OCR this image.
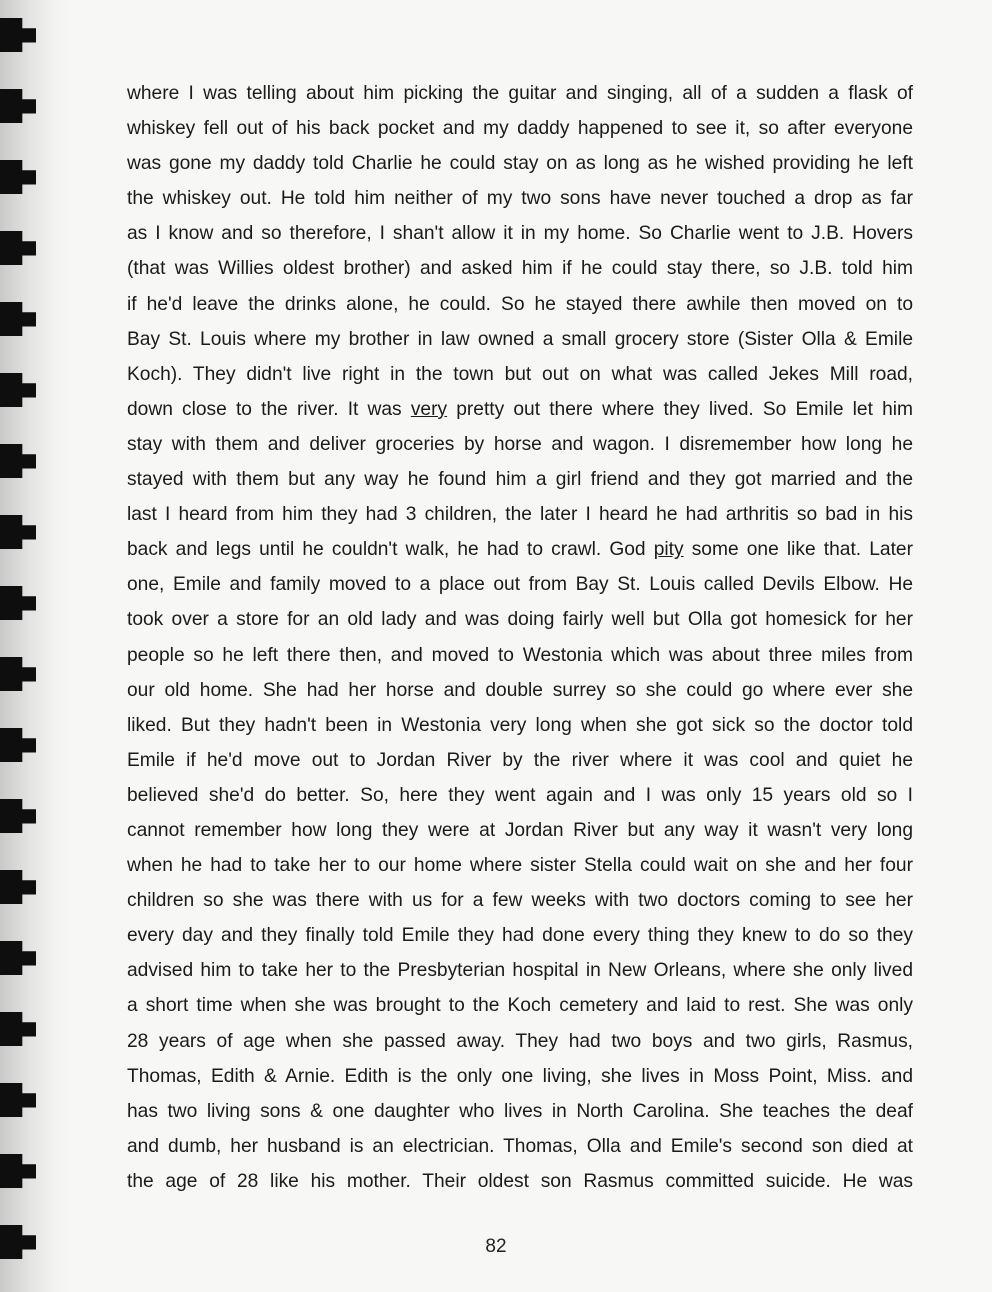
where I was telling about him picking the guitar and singing, all of a sudden a flask of
whiskey fell out of his back pocket and my daddy happened to see it, so after everyone
was gone my daddy told Charlie he could stay on as long as he wished providing he left
the whiskey out. He told him neither of my two sons have never touched a drop as far
as I know and so therefore, I shan't allow it in my home. So Charlie went to J.B. Hovers
(that was Willies oldest brother) and asked him if he could stay there, so J.B. told him
if he'd leave the drinks alone, he could. So he stayed there awhile then moved on to
Bay St. Louis where my brother in law owned a small grocery store (Sister Olla & Emile
Koch). They didn't live right in the town but out on what was called Jekes Mill road,
down close to the river. It was very pretty out there where they lived. So Emile let him
stay with them and deliver groceries by horse and wagon. I disremember how long he
stayed with them but any way he found him a girl friend and they got married and the
last I heard from him they had 3 children, the later I heard he had arthritis so bad in his
back and legs until he couldn't walk, he had to crawl. God pity some one like that. Later
one, Emile and family moved to a place out from Bay St. Louis called Devils Elbow. He
took over a store for an old lady and was doing fairly well but Olla got homesick for her
people so he left there then, and moved to Westonia which was about three miles from
our old home. She had her horse and double surrey so she could go where ever she
liked. But they hadn't been in Westonia very long when she got sick so the doctor told
Emile if he'd move out to Jordan River by the river where it was cool and quiet he
believed she'd do better. So, here they went again and I was only 15 years old so I
cannot remember how long they were at Jordan River but any way it wasn't very long
when he had to take her to our home where sister Stella could wait on she and her four
children so she was there with us for a few weeks with two doctors coming to see her
every day and they finally told Emile they had done every thing they knew to do so they
advised him to take her to the Presbyterian hospital in New Orleans, where she only lived
a short time when she was brought to the Koch cemetery and laid to rest. She was only
28 years of age when she passed away. They had two boys and two girls, Rasmus,
Thomas, Edith & Arnie. Edith is the only one living, she lives in Moss Point, Miss. and
has two living sons & one daughter who lives in North Carolina. She teaches the deaf
and dumb, her husband is an electrician. Thomas, Olla and Emile's second son died at
the age of 28 like his mother. Their oldest son Rasmus committed suicide. He was
82
